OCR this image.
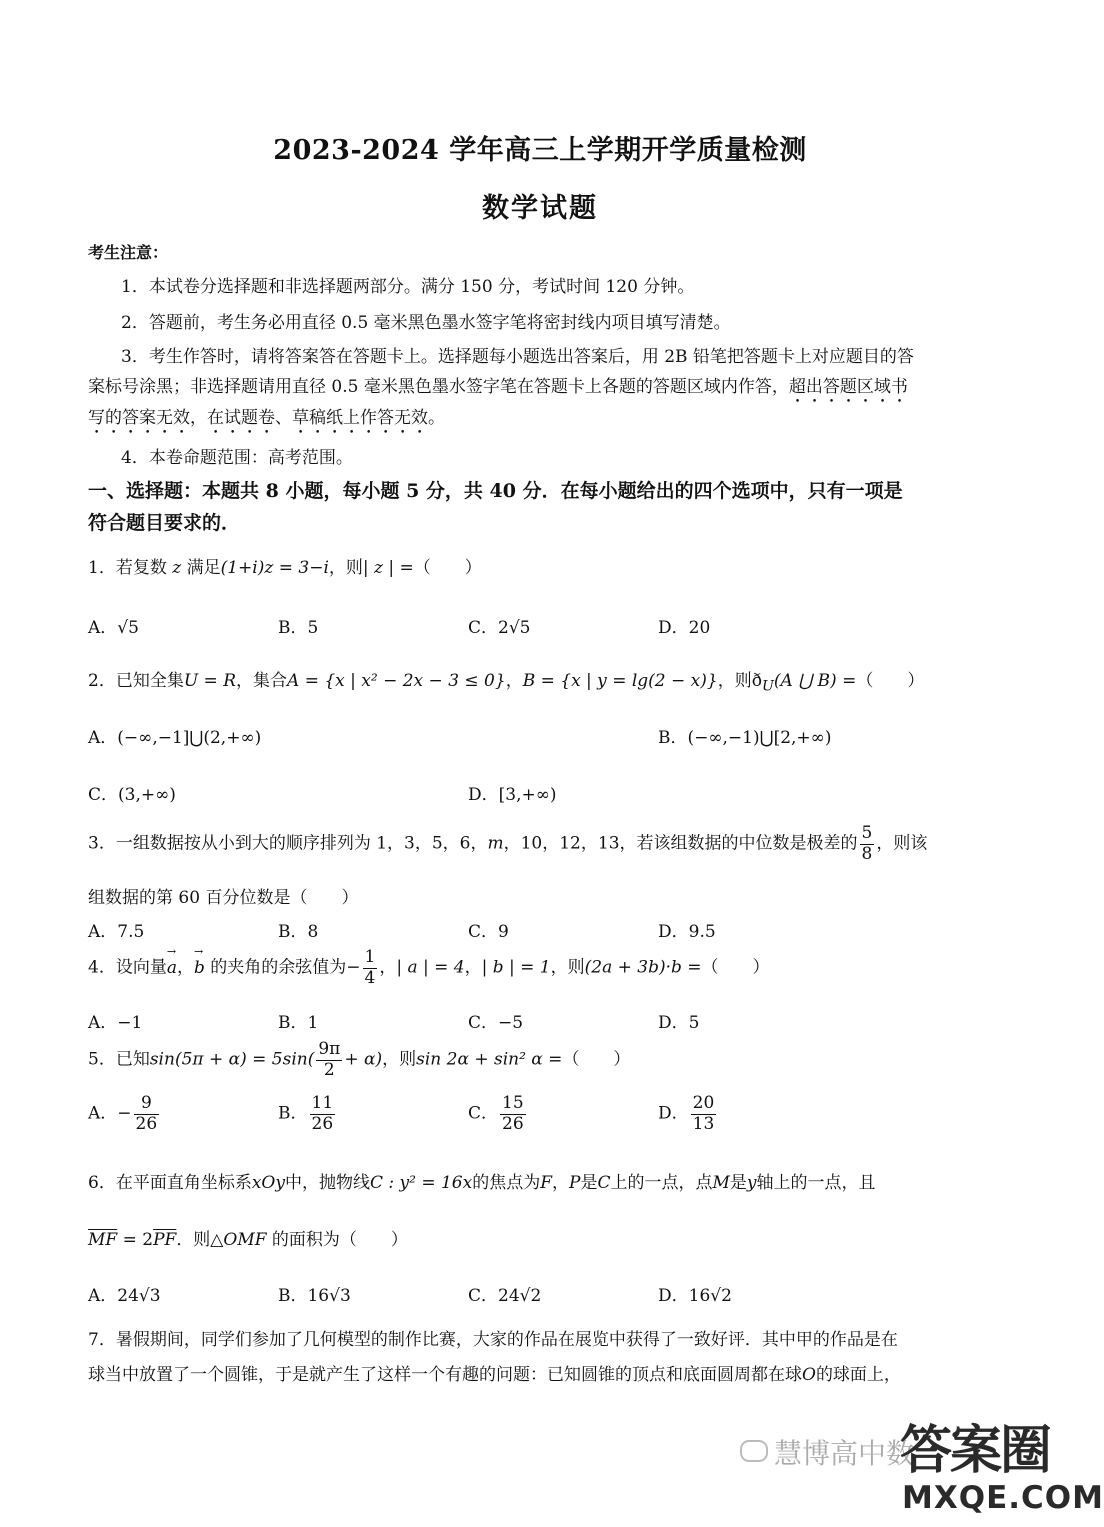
2023-2024 学年高三上学期开学质量检测
数学试题
考生注意：
1．本试卷分选择题和非选择题两部分。满分 150 分，考试时间 120 分钟。
2．答题前，考生务必用直径 0.5 毫米黑色墨水签字笔将密封线内项目填写清楚。
3．考生作答时，请将答案答在答题卡上。选择题每小题选出答案后，用 2B 铅笔把答题卡上对应题目的答
案标号涂黑；非选择题请用直径 0.5 毫米黑色墨水签字笔在答题卡上各题的答题区域内作答，超出答题区域书
写的答案无效，在试题卷、草稿纸上作答无效。
4．本卷命题范围：高考范围。
一、选择题：本题共 8 小题，每小题 5 分，共 40 分．在每小题给出的四个选项中，只有一项是
符合题目要求的．
1．若复数 z 满足(1+i)z = 3−i，则| z | =（　　）
A．√5	B．5	C．2√5	D．20
2．已知全集U = R，集合A = {x | x² − 2x − 3 ≤ 0}，B = {x | y = lg(2 − x)}，则$ð_U(A$ ⋃ B) =（　　）
A．(−∞,−1]⋃(2,+∞)	B．(−∞,−1)⋃[2,+∞)
C．(3,+∞)	D．[3,+∞)
3．一组数据按从小到大的顺序排列为 1，3，5，6，m，10，12，13，若该组数据的中位数是极差的 $\frac{5}{8}$ ，则该
组数据的第 60 百分位数是（　　）
A．7.5	B．8	C．9	D．9.5
4．设向量→ a，→ b 的夹角的余弦值为− $\frac{1}{4}$ ，| a | = 4，| b | = 1，则(2a + 3b)·b =（　　）
A．−1	B．1	C．−5	D．5
5．已知$\sin(5\pi + \alpha) = 5\sin( \frac{9\pi}{2} + \alpha)$，则sin 2α + sin² α =（　　）
A．− $\frac{9}{26}$	B． $\frac{11}{26}$	C． $\frac{15}{26}$	D． $\frac{20}{13}$
6．在平面直角坐标系xOy中，抛物线C : y² = 16x的焦点为F，P是C上的一点，点M是y轴上的一点，且
$\overline{MF} = 2\overline{PF}$．则△OMF 的面积为（　　）
A．24√3	B．16√3	C．24√2	D．16√2
7．暑假期间，同学们参加了几何模型的制作比赛，大家的作品在展览中获得了一致好评．其中甲的作品是在
球当中放置了一个圆锥，于是就产生了这样一个有趣的问题：已知圆锥的顶点和底面圆周都在球O的球面上，
慧博高中数
答案圈
MXQE.COM
